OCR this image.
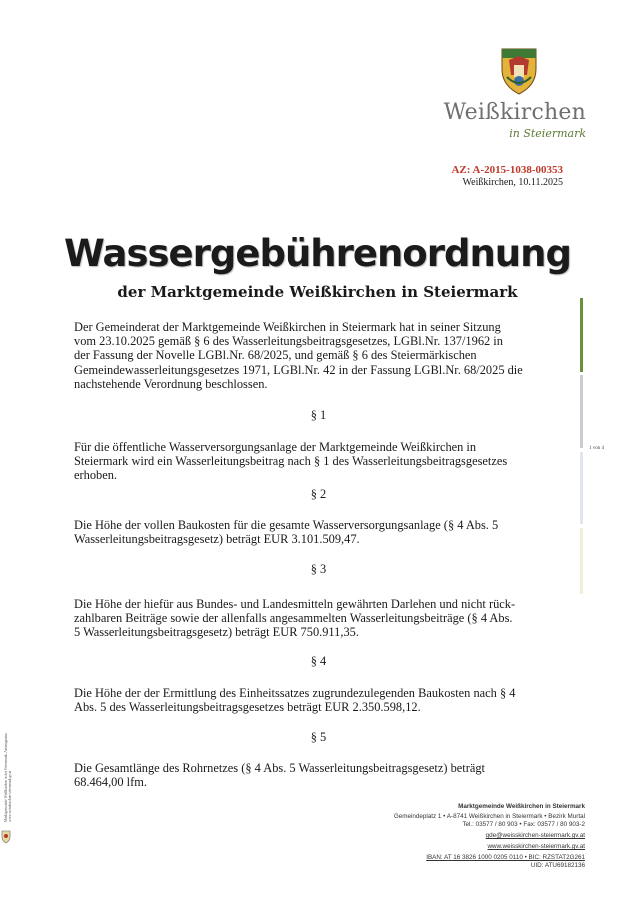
Weißkirchen
in Steiermark
AZ: A-2015-1038-00353
Weißkirchen, 10.11.2025
Wassergebührenordnung
der Marktgemeinde Weißkirchen in Steiermark
Der Gemeinderat der Marktgemeinde Weißkirchen in Steiermark hat in seiner Sitzung
vom 23.10.2025 gemäß § 6 des Wasserleitungsbeitragsgesetzes, LGBl.Nr. 137/1962 in
der Fassung der Novelle LGBl.Nr. 68/2025, und gemäß § 6 des Steiermärkischen
Gemeindewasserleitungsgesetzes 1971, LGBl.Nr. 42 in der Fassung LGBl.Nr. 68/2025 die
nachstehende Verordnung beschlossen.
§ 1
Für die öffentliche Wasserversorgungsanlage der Marktgemeinde Weißkirchen in
Steiermark wird ein Wasserleitungsbeitrag nach § 1 des Wasserleitungsbeitragsgesetzes
erhoben.
§ 2
Die Höhe der vollen Baukosten für die gesamte Wasserversorgungsanlage (§ 4 Abs. 5
Wasserleitungsbeitragsgesetz) beträgt EUR 3.101.509,47.
§ 3
Die Höhe der hiefür aus Bundes- und Landesmitteln gewährten Darlehen und nicht rück-
zahlbaren Beiträge sowie der allenfalls angesammelten Wasserleitungsbeiträge (§ 4 Abs.
5 Wasserleitungsbeitragsgesetz) beträgt EUR 750.911,35.
§ 4
Die Höhe der der Ermittlung des Einheitssatzes zugrundezulegenden Baukosten nach § 4
Abs. 5 des Wasserleitungsbeitragsgesetzes beträgt EUR 2.350.598,12.
§ 5
Die Gesamtlänge des Rohrnetzes (§ 4 Abs. 5 Wasserleitungsbeitragsgesetz) beträgt
68.464,00 lfm.
1 von 4
Marktgemeinde Weißkirchen in der Steiermark. Amtssignatur. www.weisskirchen-steiermark.gv.at	Marktgemeinde Weißkirchen in Steiermark
Gemeindeplatz 1 • A-8741 Weißkirchen in Steiermark • Bezirk Murtal
Tel.: 03577 / 80 903 • Fax: 03577 / 80 903-2
gde@weisskirchen-steiermark.gv.at
www.weisskirchen-steiermark.gv.at
IBAN: AT 16 3826 1000 0205 0110 • BIC: RZSTAT2G261
UID: ATU69182136
